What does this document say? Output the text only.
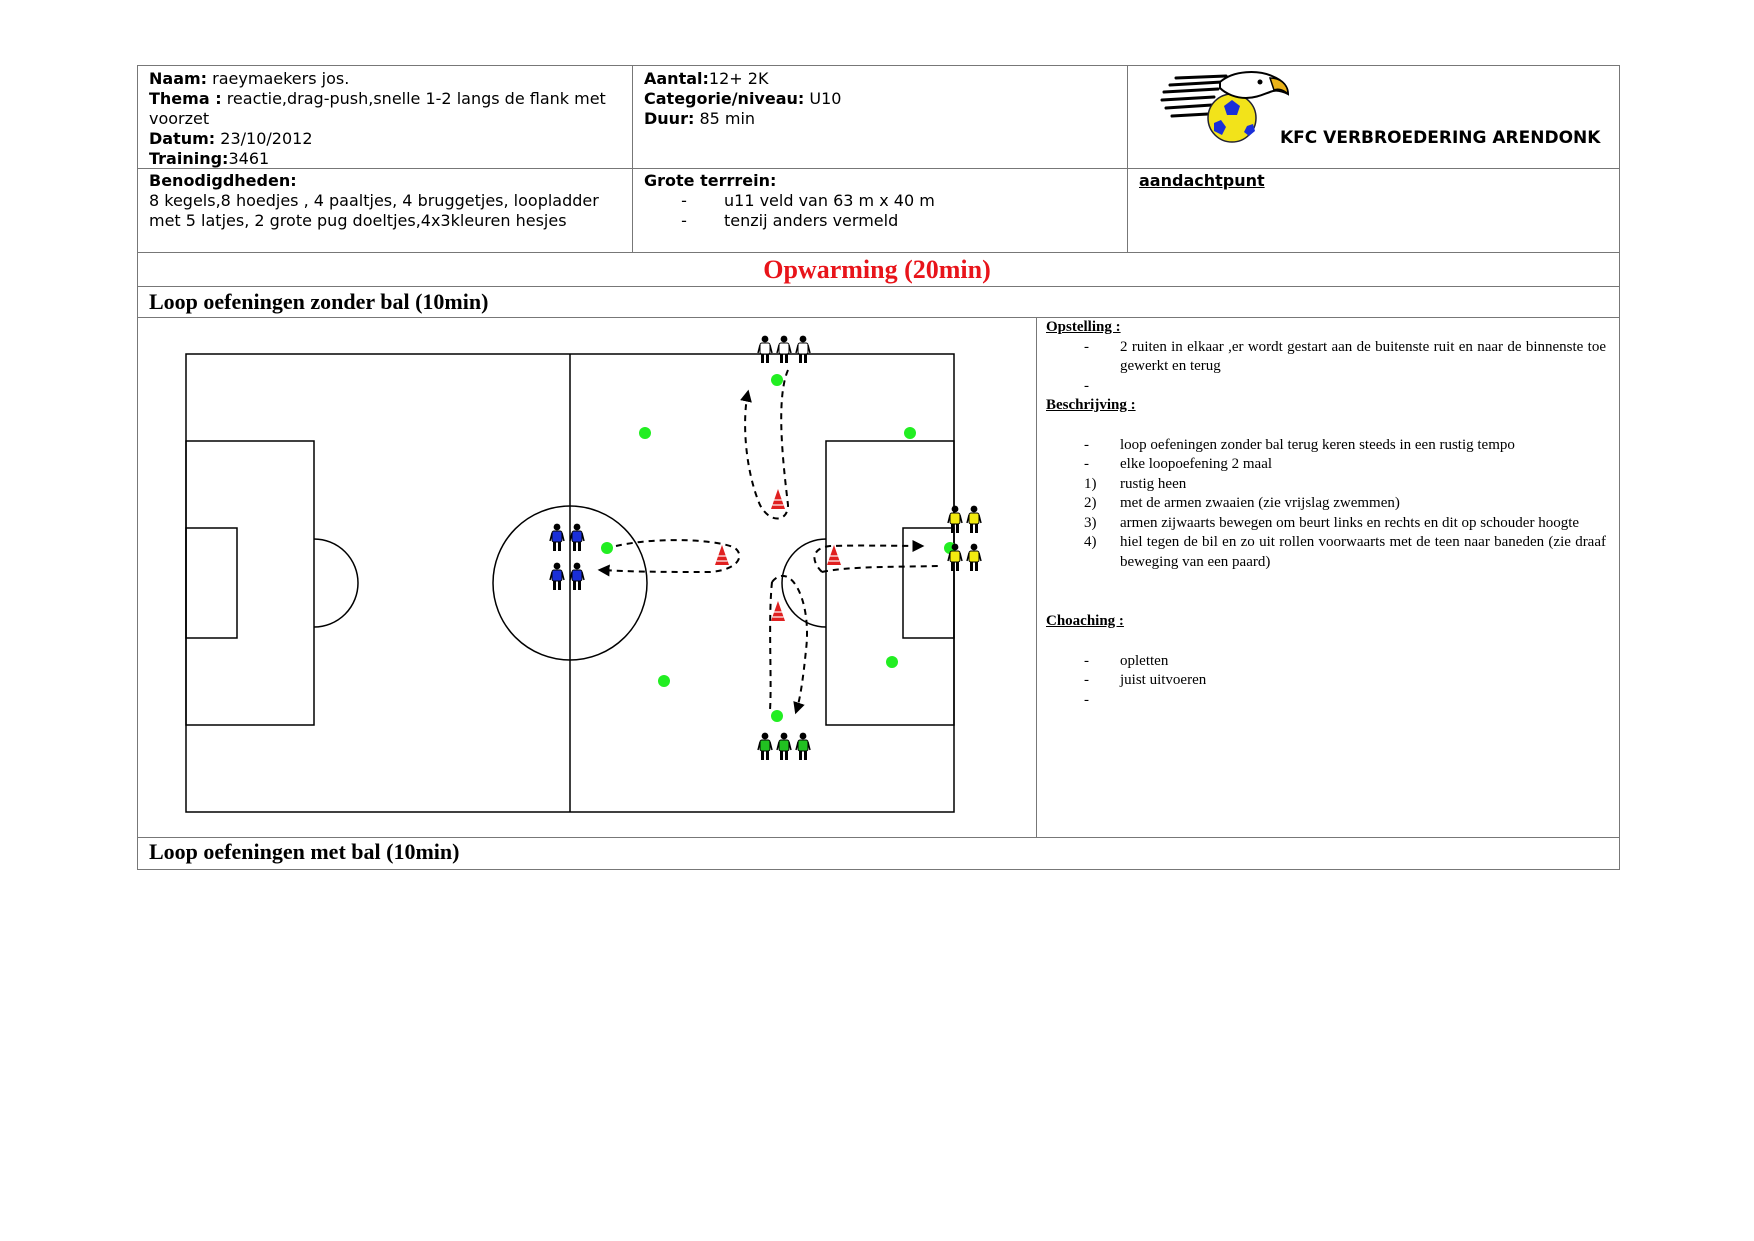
Naam: raeymaekers jos.
Thema : reactie,drag-push,snelle 1-2 langs de flank met voorzet
Datum: 23/10/2012
Training:3461
Aantal:12+ 2K
Categorie/niveau: U10
Duur: 85 min
KFC VERBROEDERING ARENDONK
Benodigdheden:
8 kegels,8 hoedjes , 4 paaltjes, 4 bruggetjes, loopladder met 5 latjes, 2 grote pug doeltjes,4x3kleuren hesjes
Grote terrrein:
-	u11 veld van 63 m x 40 m
-	tenzij anders vermeld
aandachtpunt
Opwarming (20min)
Loop oefeningen zonder bal (10min)
Loop oefeningen met bal (10min)
Opstelling :
-	2 ruiten in elkaar ,er wordt gestart aan de buitenste ruit en naar de binnenste toe gewerkt en terug
-
Beschrijving :
-	loop oefeningen zonder bal terug keren steeds in een rustig tempo
-	elke loopoefening 2 maal
1)	rustig heen
2)	met de armen zwaaien (zie vrijslag zwemmen)
3)	armen zijwaarts bewegen om beurt links en rechts en dit op schouder hoogte
4)	hiel tegen de bil en zo uit rollen voorwaarts met de teen naar baneden (zie draaf beweging van een paard)
Choaching :
-	opletten
-	juist uitvoeren
-
